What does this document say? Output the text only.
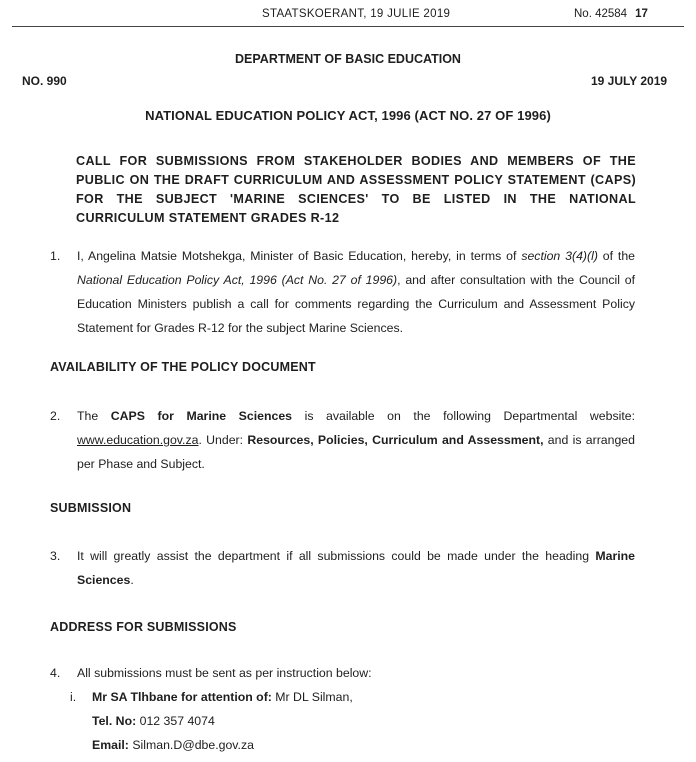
STAATSKOERANT, 19 JULIE 2019	No. 42584 17
DEPARTMENT OF BASIC EDUCATION
NO. 990	19 JULY 2019
NATIONAL EDUCATION POLICY ACT, 1996 (ACT NO. 27 OF 1996)
CALL FOR SUBMISSIONS FROM STAKEHOLDER BODIES AND MEMBERS OF THE PUBLIC ON THE DRAFT CURRICULUM AND ASSESSMENT POLICY STATEMENT (CAPS) FOR THE SUBJECT 'MARINE SCIENCES' TO BE LISTED IN THE NATIONAL CURRICULUM STATEMENT GRADES R-12
1. I, Angelina Matsie Motshekga, Minister of Basic Education, hereby, in terms of section 3(4)(l) of the National Education Policy Act, 1996 (Act No. 27 of 1996), and after consultation with the Council of Education Ministers publish a call for comments regarding the Curriculum and Assessment Policy Statement for Grades R-12 for the subject Marine Sciences.
AVAILABILITY OF THE POLICY DOCUMENT
2. The CAPS for Marine Sciences is available on the following Departmental website: www.education.gov.za. Under: Resources, Policies, Curriculum and Assessment, and is arranged per Phase and Subject.
SUBMISSION
3. It will greatly assist the department if all submissions could be made under the heading Marine Sciences.
ADDRESS FOR SUBMISSIONS
4. All submissions must be sent as per instruction below:
i. Mr SA Tlhbane for attention of: Mr DL Silman,
Tel. No: 012 357 4074
Email: Silman.D@dbe.gov.za
